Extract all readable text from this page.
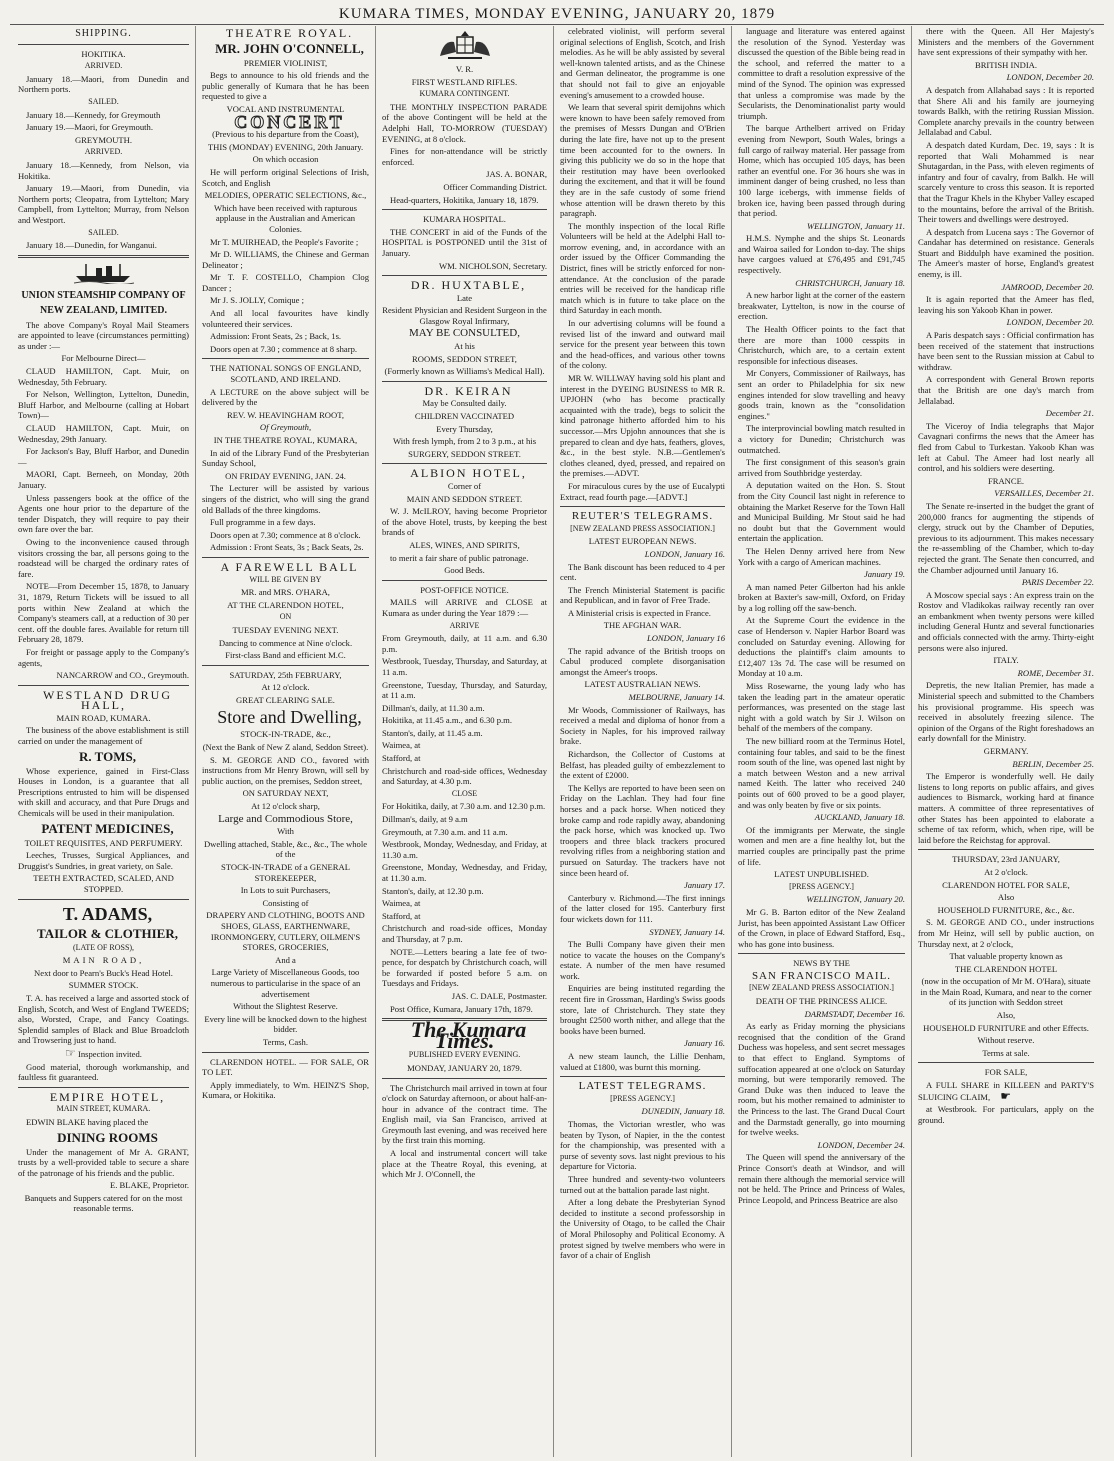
KUMARA TIMES, MONDAY EVENING, JANUARY 20, 1879
SHIPPING.

HOKITIKA.

ARRIVED.

January 18.—Maori, from Dunedin and Northern ports.

SAILED.

January 18.—Kennedy, for Greymouth

January 19.—Maori, for Greymouth.

GREYMOUTH.

ARRIVED.

January 18.—Kennedy, from Nelson, via Hokitika.

January 19.—Maori, from Dunedin, via Northern ports; Cleopatra, from Lyttelton; Mary Campbell, from Lyttelton; Murray, from Nelson and Westport.

SAILED.

January 18.—Dunedin, for Wanganui.

UNION STEAMSHIP COMPANY OF NEW ZEALAND, LIMITED.

The above Company's Royal Mail Steamers are appointed to leave (circumstances permitting) as under :—

For Melbourne Direct—

CLAUD HAMILTON, Capt. Muir, on Wednesday, 5th February.

For Nelson, Wellington, Lyttelton, Dunedin, Bluff Harbor, and Melbourne (calling at Hobart Town)—

CLAUD HAMILTON, Capt. Muir, on Wednesday, 29th January.

For Jackson's Bay, Bluff Harbor, and Dunedin—

MAORI, Capt. Berneeh, on Monday, 20th January.

Unless passengers book at the office of the Agents one hour prior to the departure of the tender Dispatch, they will require to pay their own fare over the bar.

Owing to the inconvenience caused through visitors crossing the bar, all persons going to the roadstead will be charged the ordinary rates of fare.

NOTE—From December 15, 1878, to January 31, 1879, Return Tickets will be issued to all ports within New Zealand at which the Company's steamers call, at a reduction of 30 per cent. off the double fares. Available for return till February 28, 1879.

For freight or passage apply to the Company's agents,

NANCARROW and CO., Greymouth.

WESTLAND DRUG HALL,

MAIN ROAD, KUMARA.

The business of the above establishment is still carried on under the management of

R. TOMS,

Whose experience, gained in First-Class Houses in London, is a guarantee that all Prescriptions entrusted to him will be dispensed with skill and accuracy, and that Pure Drugs and Chemicals will be used in their manipulation.

PATENT MEDICINES,

TOILET REQUISITES, AND PERFUMERY.

Leeches, Trusses, Surgical Appliances, and Druggist's Sundries, in great variety, on Sale.

TEETH EXTRACTED, SCALED, AND STOPPED.

T. ADAMS,

TAILOR & CLOTHIER,

(LATE OF ROSS),

MAIN ROAD,

Next door to Pearn's Buck's Head Hotel.

SUMMER STOCK.

T. A. has received a large and assorted stock of English, Scotch, and West of England TWEEDS; also, Worsted, Crape, and Fancy Coatings. Splendid samples of Black and Blue Broadcloth and Trowsering just to hand.

☞ Inspection invited.

Good material, thorough workmanship, and faultless fit guaranteed.

EMPIRE HOTEL,

MAIN STREET, KUMARA.

EDWIN BLAKE having placed the

DINING ROOMS

Under the management of Mr A. GRANT, trusts by a well-provided table to secure a share of the patronage of his friends and the public.

E. BLAKE, Proprietor.

Banquets and Suppers catered for on the most reasonable terms.

THEATRE ROYAL.

MR. JOHN O'CONNELL,

PREMIER VIOLINIST,

Begs to announce to his old friends and the public generally of Kumara that he has been requested to give a

VOCAL AND INSTRUMENTAL

CONCERT

(Previous to his departure from the Coast),

THIS (MONDAY) EVENING, 20th January.

On which occasion

He will perform original Selections of Irish, Scotch, and English

MELODIES, OPERATIC SELECTIONS, &c.,

Which have been received with rapturous applause in the Australian and American Colonies.

Mr T. MUIRHEAD, the People's Favorite ;

Mr D. WILLIAMS, the Chinese and German Delineator ;

Mr T. F. COSTELLO, Champion Clog Dancer ;

Mr J. S. JOLLY, Comique ;

And all local favourites have kindly volunteered their services.

Admission: Front Seats, 2s ; Back, 1s.

Doors open at 7.30 ; commence at 8 sharp.

THE NATIONAL SONGS OF ENGLAND, SCOTLAND, AND IRELAND.

A LECTURE on the above subject will be delivered by the

REV. W. HEAVINGHAM ROOT,

Of Greymouth,

IN THE THEATRE ROYAL, KUMARA,

In aid of the Library Fund of the Presbyterian Sunday School,

ON FRIDAY EVENING, JAN. 24.

The Lecturer will be assisted by various singers of the district, who will sing the grand old Ballads of the three kingdoms.

Full programme in a few days.

Doors open at 7.30; commence at 8 o'clock.

Admission : Front Seats, 3s ; Back Seats, 2s.

A FAREWELL BALL

WILL BE GIVEN BY

MR. and MRS. O'HARA,

AT THE CLARENDON HOTEL,

ON

TUESDAY EVENING NEXT.

Dancing to commence at Nine o'clock.

First-class Band and efficient M.C.

SATURDAY, 25th FEBRUARY,

At 12 o'clock.

GREAT CLEARING SALE.

Store and Dwelling,

STOCK-IN-TRADE, &c.,

(Next the Bank of New Z aland, Seddon Street).

S. M. GEORGE AND CO., favored with instructions from Mr Henry Brown, will sell by public auction, on the premises, Seddon street,

ON SATURDAY NEXT,

At 12 o'clock sharp,

Large and Commodious Store,

With

Dwelling attached, Stable, &c., &c., The whole of the

STOCK-IN-TRADE of a GENERAL STOREKEEPER,

In Lots to suit Purchasers,

Consisting of

DRAPERY AND CLOTHING, BOOTS AND SHOES, GLASS, EARTHENWARE, IRONMONGERY, CUTLERY, OILMEN'S STORES, GROCERIES,

And a

Large Variety of Miscellaneous Goods, too numerous to particularise in the space of an advertisement

Without the Slightest Reserve.

Every line will be knocked down to the highest bidder.

Terms, Cash.

CLARENDON HOTEL. — FOR SALE, OR TO LET.

Apply immediately, to Wm. HEINZ'S Shop, Kumara, or Hokitika.

V. R.

FIRST WESTLAND RIFLES.

KUMARA CONTINGENT.

THE MONTHLY INSPECTION PARADE of the above Contingent will be held at the Adelphi Hall, TO-MORROW (TUESDAY) EVENING, at 8 o'clock.

Fines for non-attendance will be strictly enforced.

JAS. A. BONAR,

Officer Commanding District.

Head-quarters, Hokitika, January 18, 1879.

KUMARA HOSPITAL.

THE CONCERT in aid of the Funds of the HOSPITAL is POSTPONED until the 31st of January.

WM. NICHOLSON, Secretary.

DR. HUXTABLE,

Late

Resident Physician and Resident Surgeon in the Glasgow Royal Infirmary,

MAY BE CONSULTED,

At his

ROOMS, SEDDON STREET,

(Formerly known as Williams's Medical Hall).

DR. KEIRAN

May be Consulted daily.

CHILDREN VACCINATED

Every Thursday,

With fresh lymph, from 2 to 3 p.m., at his

SURGERY, SEDDON STREET.

ALBION HOTEL,

Corner of

MAIN AND SEDDON STREET.

W. J. McILROY, having become Proprietor of the above Hotel, trusts, by keeping the best brands of

ALES, WINES, AND SPIRITS,

to merit a fair share of public patronage.

Good Beds.

POST-OFFICE NOTICE.

MAILS will ARRIVE and CLOSE at Kumara as under during the Year 1879 :—

ARRIVE

From Greymouth, daily, at 11 a.m. and 6.30 p.m.

Westbrook, Tuesday, Thursday, and Saturday, at 11 a.m.

Greenstone, Tuesday, Thursday, and Saturday, at 11 a.m.

Dillman's, daily, at 11.30 a.m.

Hokitika, at 11.45 a.m., and 6.30 p.m.

Stanton's, daily, at 11.45 a.m.

Waimea, at

Stafford, at

Christchurch and road-side offices, Wednesday and Saturday, at 4.30 p.m.

CLOSE

For Hokitika, daily, at 7.30 a.m. and 12.30 p.m.

Dillman's, daily, at 9 a.m

Greymouth, at 7.30 a.m. and 11 a.m.

Westbrook, Monday, Wednesday, and Friday, at 11.30 a.m.

Greenstone, Monday, Wednesday, and Friday, at 11.30 a.m.

Stanton's, daily, at 12.30 p.m.

Waimea, at

Stafford, at

Christchurch and road-side offices, Monday and Thursday, at 7 p.m.

NOTE.—Letters bearing a late fee of two-pence, for despatch by Christchurch coach, will be forwarded if posted before 5 a.m. on Tuesdays and Fridays.

JAS. C. DALE, Postmaster.

Post Office, Kumara, January 17th, 1879.

The Kumara Times.

PUBLISHED EVERY EVENING.

MONDAY, JANUARY 20, 1879.

The Christchurch mail arrived in town at four o'clock on Saturday afternoon, or about half-an-hour in advance of the contract time. The English mail, via San Francisco, arrived at Greymouth last evening, and was received here by the first train this morning.

A local and instrumental concert will take place at the Theatre Royal, this evening, at which Mr J. O'Connell, the

celebrated violinist, will perform several original selections of English, Scotch, and Irish melodies. As he will be ably assisted by several well-known talented artists, and as the Chinese and German delineator, the programme is one that should not fail to give an enjoyable evening's amusement to a crowded house.

We learn that several spirit demijohns which were known to have been safely removed from the premises of Messrs Dungan and O'Brien during the late fire, have not up to the present time been accounted for to the owners. In giving this publicity we do so in the hope that their restitution may have been overlooked during the excitement, and that it will be found they are in the safe custody of some friend whose attention will be drawn thereto by this paragraph.

The monthly inspection of the local Rifle Volunteers will be held at the Adelphi Hall to-morrow evening, and, in accordance with an order issued by the Officer Commanding the District, fines will be strictly enforced for non-attendance. At the conclusion of the parade entries will be received for the handicap rifle match which is in future to take place on the third Saturday in each month.

In our advertising columns will be found a revised list of the inward and outward mail service for the present year between this town and the head-offices, and various other towns of the colony.

MR W. WILLWAY having sold his plant and interest in the DYEING BUSINESS to MR R. UPJOHN (who has become practically acquainted with the trade), begs to solicit the kind patronage hitherto afforded him to his successor.—Mrs Upjohn announces that she is prepared to clean and dye hats, feathers, gloves, &c., in the best style. N.B.—Gentlemen's clothes cleaned, dyed, pressed, and repaired on the premises.—ADVT.

For miraculous cures by the use of Eucalypti Extract, read fourth page.—[ADVT.]

REUTER'S TELEGRAMS.

[NEW ZEALAND PRESS ASSOCIATION.]

LATEST EUROPEAN NEWS.

LONDON, January 16.

The Bank discount has been reduced to 4 per cent.

The French Ministerial Statement is pacific and Republican, and in favor of Free Trade.

A Ministerial crisis is expected in France.

THE AFGHAN WAR.

LONDON, January 16

The rapid advance of the British troops on Cabul produced complete disorganisation amongst the Ameer's troops.

LATEST AUSTRALIAN NEWS.

MELBOURNE, January 14.

Mr Woods, Commissioner of Railways, has received a medal and diploma of honor from a Society in Naples, for his improved railway brake.

Richardson, the Collector of Customs at Belfast, has pleaded guilty of embezzlement to the extent of £2000.

The Kellys are reported to have been seen on Friday on the Lachlan. They had four fine horses and a pack horse. When noticed they broke camp and rode rapidly away, abandoning the pack horse, which was knocked up. Two troopers and three black trackers procured revolving rifles from a neighboring station and pursued on Saturday. The trackers have not since been heard of.

January 17.

Canterbury v. Richmond.—The first innings of the latter closed for 195. Canterbury first four wickets down for 111.

SYDNEY, January 14.

The Bulli Company have given their men notice to vacate the houses on the Company's estate. A number of the men have resumed work.

Enquiries are being instituted regarding the recent fire in Grossman, Harding's Swiss goods store, late of Christchurch. They state they brought £2500 worth nither, and allege that the books have been burned.

January 16.

A new steam launch, the Lillie Denham, valued at £1800, was burnt this morning.

LATEST TELEGRAMS.

[PRESS AGENCY.]

DUNEDIN, January 18.

Thomas, the Victorian wrestler, who was beaten by Tyson, of Napier, in the the contest for the championship, was presented with a purse of seventy sovs. last night previous to his departure for Victoria.

Three hundred and seventy-two volunteers turned out at the battalion parade last night.

After a long debate the Presbyterian Synod decided to institute a second professorship in the University of Otago, to be called the Chair of Moral Philosophy and Political Economy. A protest signed by twelve members who were in favor of a chair of English

language and literature was entered against the resolution of the Synod. Yesterday was discussed the question of the Bible being read in the school, and referred the matter to a committee to draft a resolution expressive of the mind of the Synod. The opinion was expressed that unless a compromise was made by the Secularists, the Denominationalist party would triumph.

The barque Arthelbert arrived on Friday evening from Newport, South Wales, brings a full cargo of railway material. Her passage from Home, which has occupied 105 days, has been rather an eventful one. For 36 hours she was in imminent danger of being crushed, no less than 100 large icebergs, with immense fields of broken ice, having been passed through during that period.

WELLINGTON, January 11.

H.M.S. Nymphe and the ships St. Leonards and Wairoa sailed for London to-day. The ships have cargoes valued at £76,495 and £91,745 respectively.

CHRISTCHURCH, January 18.

A new harbor light at the corner of the eastern breakwater, Lyttelton, is now in the course of erection.

The Health Officer points to the fact that there are more than 1000 cesspits in Christchurch, which are, to a certain extent responsible for infectious diseases.

Mr Conyers, Commissioner of Railways, has sent an order to Philadelphia for six new engines intended for slow travelling and heavy goods train, known as the "consolidation engines."

The interprovincial bowling match resulted in a victory for Dunedin; Christchurch was outmatched.

The first consignment of this season's grain arrived from Southbridge yesterday.

A deputation waited on the Hon. S. Stout from the City Council last night in reference to obtaining the Market Reserve for the Town Hall and Municipal Building. Mr Stout said he had no doubt but that the Government would entertain the application.

The Helen Denny arrived here from New York with a cargo of American machines.

January 19.

A man named Peter Gilberton had his ankle broken at Baxter's saw-mill, Oxford, on Friday by a log rolling off the saw-bench.

At the Supreme Court the evidence in the case of Henderson v. Napier Harbor Board was concluded on Saturday evening. Allowing for deductions the plaintiff's claim amounts to £12,407 13s 7d. The case will be resumed on Monday at 10 a.m.

Miss Rosewarne, the young lady who has taken the leading part in the amateur operatic performances, was presented on the stage last night with a gold watch by Sir J. Wilson on behalf of the members of the company.

The new billiard room at the Terminus Hotel, containing four tables, and said to be the finest room south of the line, was opened last night by a match between Weston and a new arrival named Keith. The latter who received 240 points out of 600 proved to be a good player, and was only beaten by five or six points.

AUCKLAND, January 18.

Of the immigrants per Merwate, the single women and men are a fine healthy lot, but the married couples are principally past the prime of life.

LATEST UNPUBLISHED.

[PRESS AGENCY.]

WELLINGTON, January 20.

Mr G. B. Barton editor of the New Zealand Jurist, has been appointed Assistant Law Officer of the Crown, in place of Edward Stafford, Esq., who has gone into business.

NEWS BY THE

SAN FRANCISCO MAIL.

[NEW ZEALAND PRESS ASSOCIATION.]

DEATH OF THE PRINCESS ALICE.

DARMSTADT, December 16.

As early as Friday morning the physicians recognised that the condition of the Grand Duchess was hopeless, and sent secret messages to that effect to England. Symptoms of suffocation appeared at one o'clock on Saturday morning, but were temporarily removed. The Grand Duke was then induced to leave the room, but his mother remained to administer to the Princess to the last. The Grand Ducal Court and the Darmstadt generally, go into mourning for twelve weeks.

LONDON, December 24.

The Queen will spend the anniversary of the Prince Consort's death at Windsor, and will remain there although the memorial service will not be held. The Prince and Princess of Wales, Prince Leopold, and Princess Beatrice are also

there with the Queen. All Her Majesty's Ministers and the members of the Government have sent expressions of their sympathy with her.

BRITISH INDIA.

LONDON, December 20.

A despatch from Allahabad says : It is reported that Shere Ali and his family are journeying towards Balkh, with the retiring Russian Mission. Complete anarchy prevails in the country between Jellalabad and Cabul.

A despatch dated Kurdam, Dec. 19, says : It is reported that Wali Mohammed is near Shutagardan, in the Pass, with eleven regiments of infantry and four of cavalry, from Balkh. He will scarcely venture to cross this season. It is reported that the Tragur Khels in the Khyber Valley escaped to the mountains, before the arrival of the British. Their towers and dwellings were destroyed.

A despatch from Lucena says : The Governor of Candahar has determined on resistance. Generals Stuart and Biddulph have examined the position. The Ameer's master of horse, England's greatest enemy, is ill.

JAMROOD, December 20.

It is again reported that the Ameer has fled, leaving his son Yakoob Khan in power.

LONDON, December 20.

A Paris despatch says : Official confirmation has been received of the statement that instructions have been sent to the Russian mission at Cabul to withdraw.

A correspondent with General Brown reports that the British are one day's march from Jellalabad.

December 21.

The Viceroy of India telegraphs that Major Cavagnari confirms the news that the Ameer has fled from Cabul to Turkestan. Yakoob Khan was left at Cabul. The Ameer had lost nearly all control, and his soldiers were deserting.

FRANCE.

VERSAILLES, December 21.

The Senate re-inserted in the budget the grant of 200,000 francs for augmenting the stipends of clergy, struck out by the Chamber of Deputies, previous to its adjournment. This makes necessary the re-assembling of the Chamber, which to-day rejected the grant. The Senate then concurred, and the Chamber adjourned until January 16.

PARIS December 22.

A Moscow special says : An express train on the Rostov and Vladikokas railway recently ran over an embankment when twenty persons were killed including General Huntz and several functionaries and officials connected with the army. Thirty-eight persons were also injured.

ITALY.

ROME, December 31.

Depretis, the new Italian Premier, has made a Ministerial speech and submitted to the Chambers his provisional programme. His speech was received in absolutely freezing silence. The opinion of the Organs of the Right foreshadows an early downfall for the Ministry.

GERMANY.

BERLIN, December 25.

The Emperor is wonderfully well. He daily listens to long reports on public affairs, and gives audiences to Bismarck, working hard at finance matters. A committee of three representatives of other States has been appointed to elaborate a scheme of tax reform, which, when ripe, will be laid before the Reichstag for approval.

THURSDAY, 23rd JANUARY,

At 2 o'clock.

CLARENDON HOTEL FOR SALE,

Also

HOUSEHOLD FURNITURE, &c., &c.

S. M. GEORGE AND CO., under instructions from Mr Heinz, will sell by public auction, on Thursday next, at 2 o'clock,

That valuable property known as

THE CLARENDON HOTEL

(now in the occupation of Mr M. O'Hara), situate in the Main Road, Kumara, and near to the corner of its junction with Seddon street

Also,

HOUSEHOLD FURNITURE and other Effects.

Without reserve.

Terms at sale.

FOR SALE,

A FULL SHARE in KILLEEN and PARTY'S SLUICING CLAIM, ☛

at Westbrook. For particulars, apply on the ground.
